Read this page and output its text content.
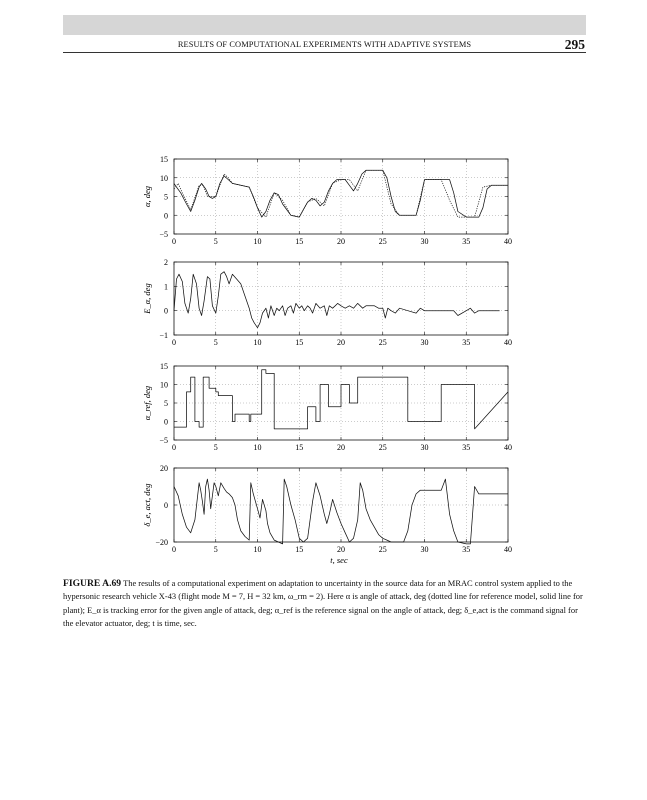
RESULTS OF COMPUTATIONAL EXPERIMENTS WITH ADAPTIVE SYSTEMS	295
0	5	10	15	20	25	30	35	40
−5
0
5
10
15
α, deg
0	5	10	15	20	25	30	35	40
−1
0
1
2
E_α, deg
0	5	10	15	20	25	30	35	40
−5
0
5
10
15
α_ref, deg
0	5	10	15	20	25	30	35	40
−20
0
20
δ_e, act, deg
t, sec
FIGURE A.69 The results of a computational experiment on adaptation to uncertainty in the source data for an MRAC control system applied to the hypersonic research vehicle X-43 (flight mode M = 7, H = 32 km, ω_rm = 2). Here α is angle of attack, deg (dotted line for reference model, solid line for plant); E_α is tracking error for the given angle of attack, deg; α_ref is the reference signal on the angle of attack, deg; δ_e,act is the command signal for the elevator actuator, deg; t is time, sec.
